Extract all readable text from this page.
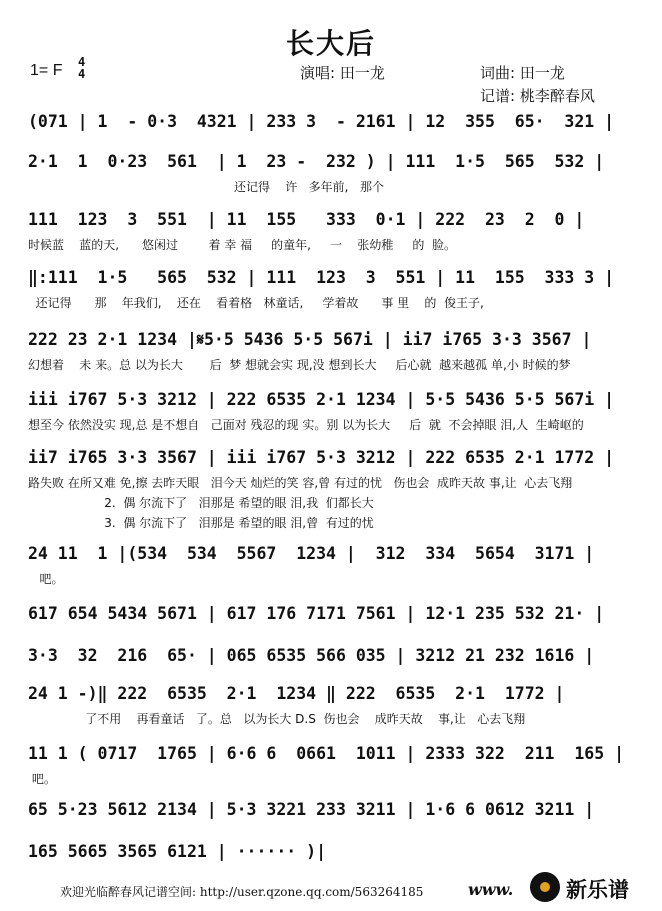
长大后
1= F 4
4	演唱: 田一龙	词曲: 田一龙
记谱: 桃李醉春风
(071 | 1  - 0·3  4321 | 233 3  - 2161 | 12  355  65·  321 |
2·1  1  0·23  561  | 1  23 -  232 ) | 111  1·5  565  532 |
还记得    许   多年前,   那个
111  123  3  551  | 11  155   333  0·1 | 222  23  2  0 |
时候蓝    蓝的天,      悠闲过        着 幸 福     的童年,     一    张幼稚     的  脸。
‖:111  1·5   565  532 | 111  123  3  551 | 11  155  333 3 |
还记得      那    年我们,    还在    看着格   林童话,     学着故      事 里    的  俊王子,
222 23 2·1 1234 |𝄋5·5 5436 5·5 567i | ii7 i765 3·3 3567 |
幻想着    未 来。总 以为长大       后  梦 想就会实 现,没 想到长大     后心就  越来越孤 单,小 时候的梦
iii i767 5·3 3212 | 222 6535 2·1 1234 | 5·5 5436 5·5 567i |
想至今 依然没实 现,总 是不想自   己面对 残忍的现 实。别 以为长大     后  就  不会掉眼 泪,人  生崎岖的
ii7 i765 3·3 3567 | iii i767 5·3 3212 | 222 6535 2·1 1772 |
路失败 在所又难 免,擦 去昨天眼   泪今天 灿烂的笑 容,曾 有过的忧   伤也会  成昨天故 事,让  心去飞翔
2.  偶 尔流下了   泪那是 希望的眼 泪,我  们都长大
3.  偶 尔流下了   泪那是 希望的眼 泪,曾  有过的忧
24 11  1 |(534  534  5567  1234 |  312  334  5654  3171 |
吧。
617 654 5434 5671 | 617 176 7171 7561 | 12·1 235 532 21· |
3·3  32  216  65· | 065 6535 566 035 | 3212 21 232 1616 |
24 1 -)‖ 222  6535  2·1  1234 ‖ 222  6535  2·1  1772 |
了不用    再看童话   了。总   以为长大 D.S  伤也会    成昨天故    事,让   心去飞翔
11 1 ( 0717  1765 | 6·6 6  0661  1011 | 2333 322  211  165 |
吧。
65 5·23 5612 2134 | 5·3 3221 233 3211 | 1·6 6 0612 3211 |
165 5665 3565 6121 | ······ )|
欢迎光临醉春风记谱空间: http://user.qzone.qq.com/563264185	www.	新乐谱
